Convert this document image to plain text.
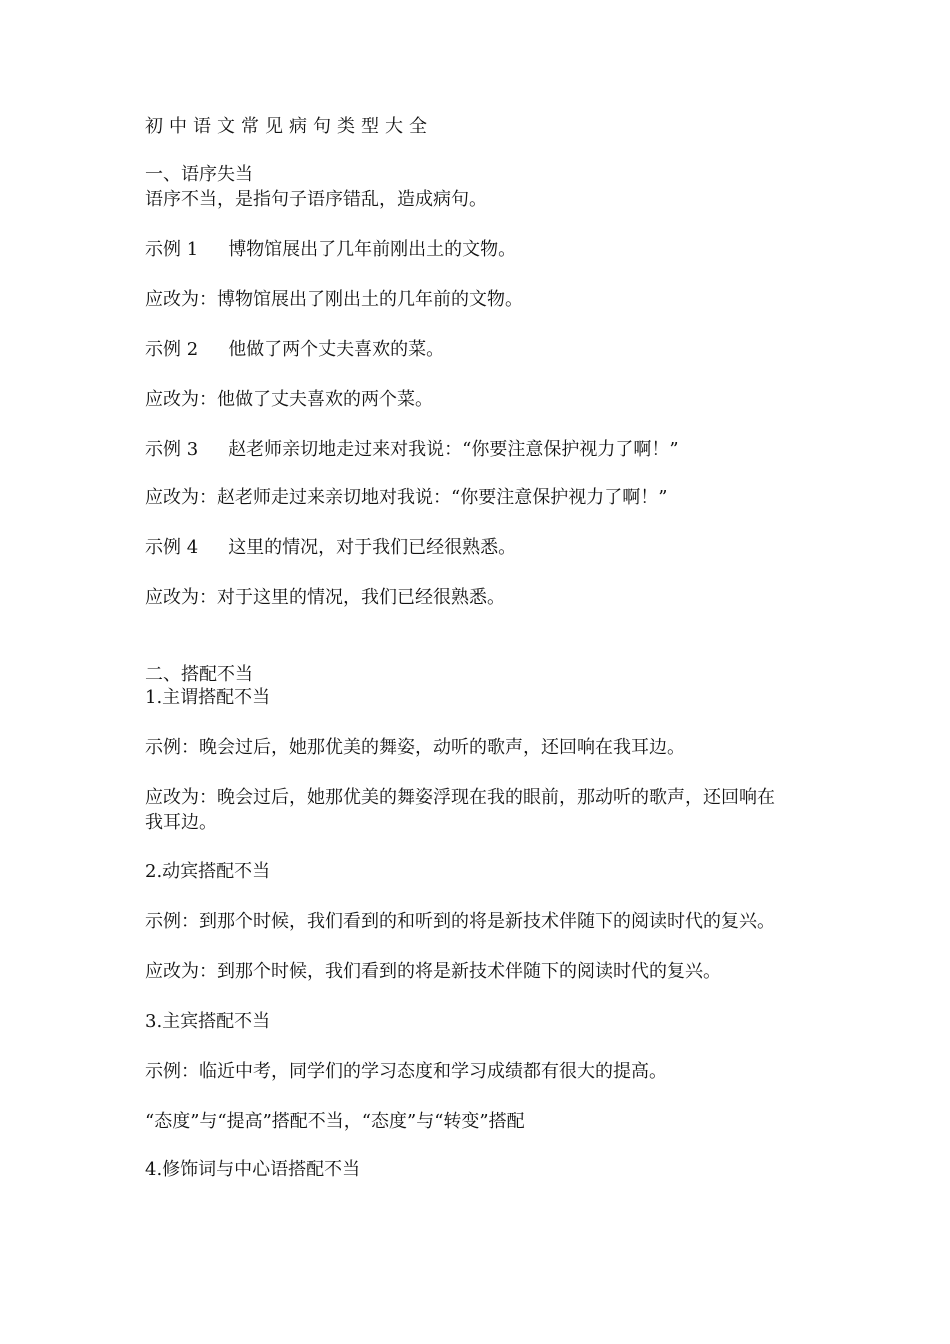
初中语文常见病句类型大全
一、语序失当
语序不当，是指句子语序错乱，造成病句。
示例 1 博物馆展出了几年前刚出土的文物。
应改为：博物馆展出了刚出土的几年前的文物。
示例 2 他做了两个丈夫喜欢的菜。
应改为：他做了丈夫喜欢的两个菜。
示例 3 赵老师亲切地走过来对我说：“你要注意保护视力了啊！”
应改为：赵老师走过来亲切地对我说：“你要注意保护视力了啊！”
示例 4 这里的情况，对于我们已经很熟悉。
应改为：对于这里的情况，我们已经很熟悉。
二、搭配不当
1.主谓搭配不当
示例：晚会过后，她那优美的舞姿，动听的歌声，还回响在我耳边。
应改为：晚会过后，她那优美的舞姿浮现在我的眼前，那动听的歌声，还回响在
我耳边。
2.动宾搭配不当
示例：到那个时候，我们看到的和听到的将是新技术伴随下的阅读时代的复兴。
应改为：到那个时候，我们看到的将是新技术伴随下的阅读时代的复兴。
3.主宾搭配不当
示例：临近中考，同学们的学习态度和学习成绩都有很大的提高。
“态度”与“提高”搭配不当，“态度”与“转变”搭配
4.修饰词与中心语搭配不当
